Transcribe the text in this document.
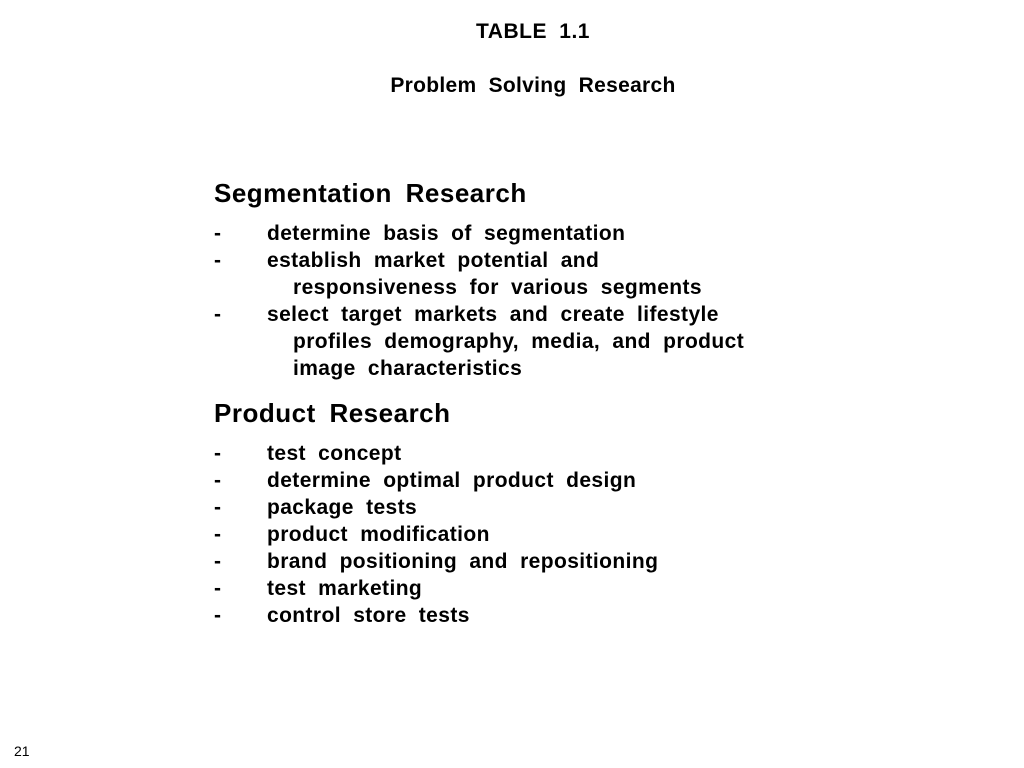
TABLE 1.1
Problem Solving Research
Segmentation Research
- determine basis of segmentation
- establish market potential and
responsiveness for various segments
- select target markets and create lifestyle
profiles demography, media, and product
image characteristics
Product Research
- test concept
- determine optimal product design
- package tests
- product modification
- brand positioning and repositioning
- test marketing
- control store tests
21
